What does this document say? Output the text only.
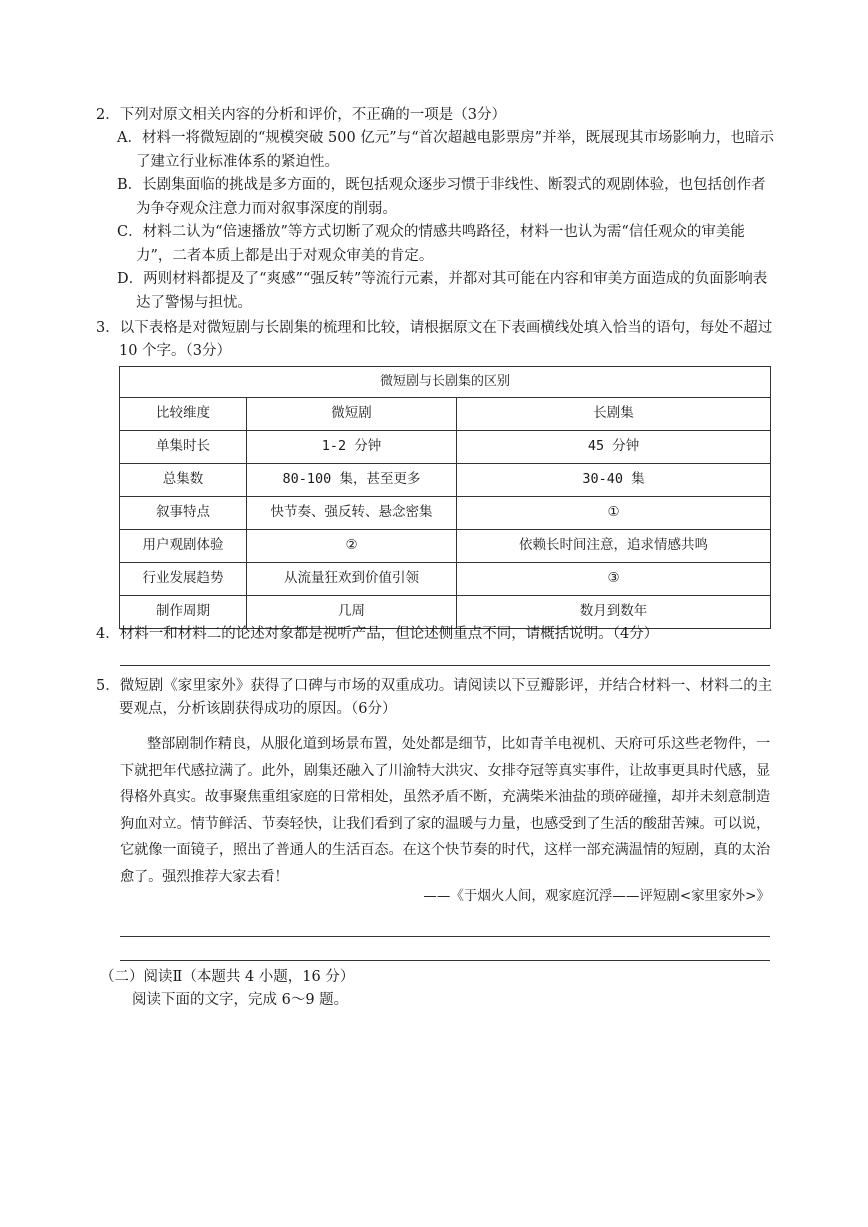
2．下列对原文相关内容的分析和评价，不正确的一项是（3分）
A．材料一将微短剧的“规模突破 500 亿元”与“首次超越电影票房”并举，既展现其市场影响力，也暗示了建立行业标准体系的紧迫性。
B．长剧集面临的挑战是多方面的，既包括观众逐步习惯于非线性、断裂式的观剧体验，也包括创作者为争夺观众注意力而对叙事深度的削弱。
C．材料二认为“倍速播放”等方式切断了观众的情感共鸣路径，材料一也认为需“信任观众的审美能力”，二者本质上都是出于对观众审美的肯定。
D．两则材料都提及了“爽感”“强反转”等流行元素，并都对其可能在内容和审美方面造成的负面影响表达了警惕与担忧。
3．以下表格是对微短剧与长剧集的梳理和比较，请根据原文在下表画横线处填入恰当的语句，每处不超过 10 个字。（3分）
微短剧与长剧集的区别		
比较维度	微短剧	长剧集
单集时长	1-2 分钟	45 分钟
总集数	80-100 集，甚至更多	30-40 集
叙事特点	快节奏、强反转、悬念密集	①
用户观剧体验	②	依赖长时间注意，追求情感共鸣
行业发展趋势	从流量狂欢到价值引领	③
制作周期	几周	数月到数年
4．材料一和材料二的论述对象都是视听产品，但论述侧重点不同，请概括说明。（4分）
5．微短剧《家里家外》获得了口碑与市场的双重成功。请阅读以下豆瓣影评，并结合材料一、材料二的主要观点，分析该剧获得成功的原因。（6分）
整部剧制作精良，从服化道到场景布置，处处都是细节，比如青羊电视机、天府可乐这些老物件，一下就把年代感拉满了。此外，剧集还融入了川渝特大洪灾、女排夺冠等真实事件，让故事更具时代感，显得格外真实。故事聚焦重组家庭的日常相处，虽然矛盾不断，充满柴米油盐的琐碎碰撞，却并未刻意制造狗血对立。情节鲜活、节奏轻快，让我们看到了家的温暖与力量，也感受到了生活的酸甜苦辣。可以说，它就像一面镜子，照出了普通人的生活百态。在这个快节奏的时代，这样一部充满温情的短剧，真的太治愈了。强烈推荐大家去看！
——《于烟火人间，观家庭沉浮——评短剧<家里家外>》
（二）阅读Ⅱ（本题共 4 小题，16 分）
阅读下面的文字，完成 6～9 题。
